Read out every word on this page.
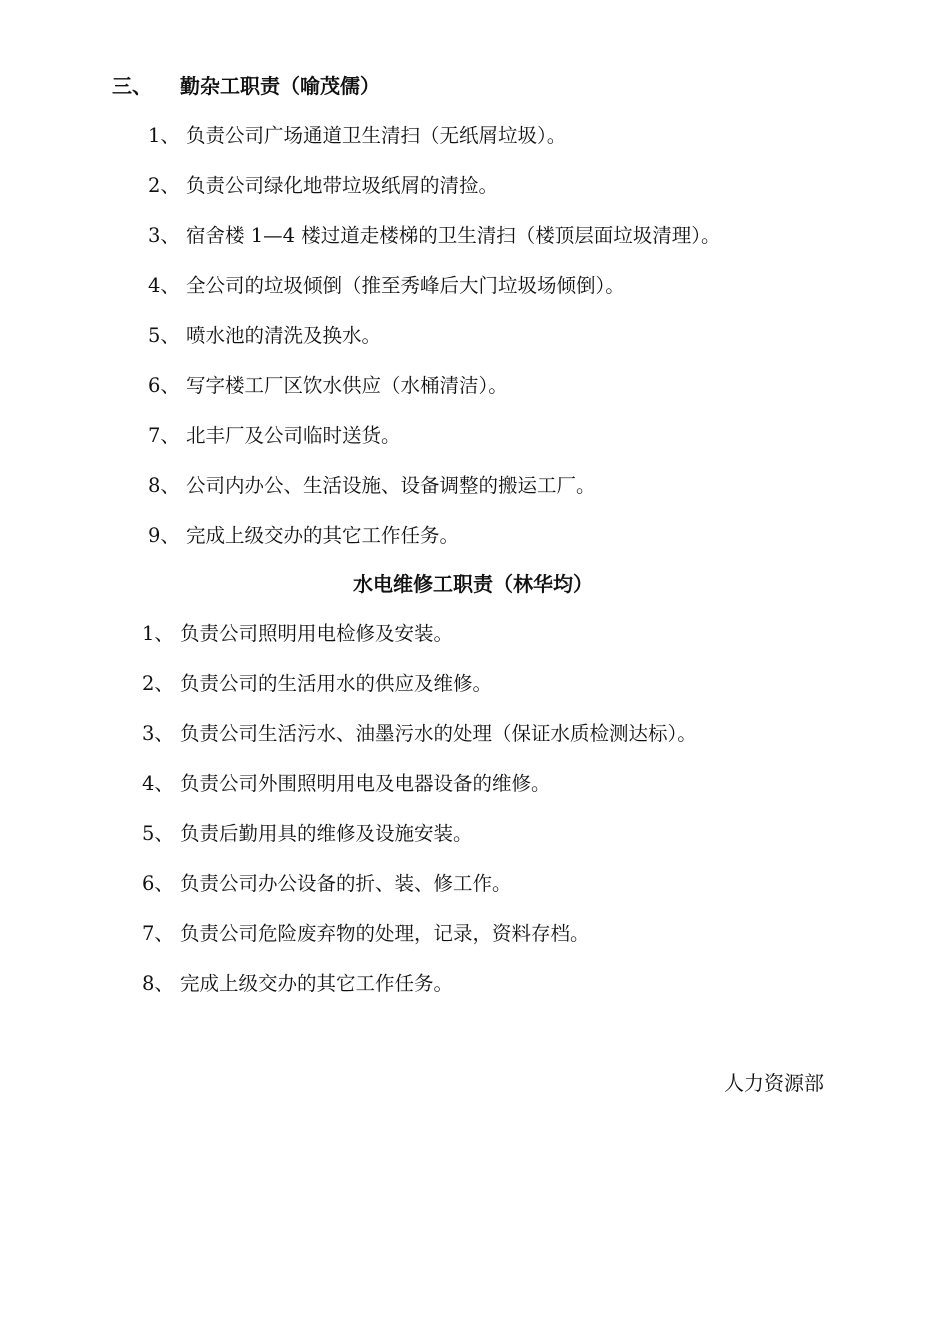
三、 勤杂工职责（喻茂儒）
1、 负责公司广场通道卫生清扫（无纸屑垃圾）。
2、 负责公司绿化地带垃圾纸屑的清捡。
3、 宿舍楼 1—4 楼过道走楼梯的卫生清扫（楼顶层面垃圾清理）。
4、 全公司的垃圾倾倒（推至秀峰后大门垃圾场倾倒）。
5、 喷水池的清洗及换水。
6、 写字楼工厂区饮水供应（水桶清洁）。
7、 北丰厂及公司临时送货。
8、 公司内办公、生活设施、设备调整的搬运工厂。
9、 完成上级交办的其它工作任务。
水电维修工职责（林华均）
1、 负责公司照明用电检修及安装。
2、 负责公司的生活用水的供应及维修。
3、 负责公司生活污水、油墨污水的处理（保证水质检测达标）。
4、 负责公司外围照明用电及电器设备的维修。
5、 负责后勤用具的维修及设施安装。
6、 负责公司办公设备的折、装、修工作。
7、 负责公司危险废弃物的处理，记录，资料存档。
8、 完成上级交办的其它工作任务。
人力资源部
